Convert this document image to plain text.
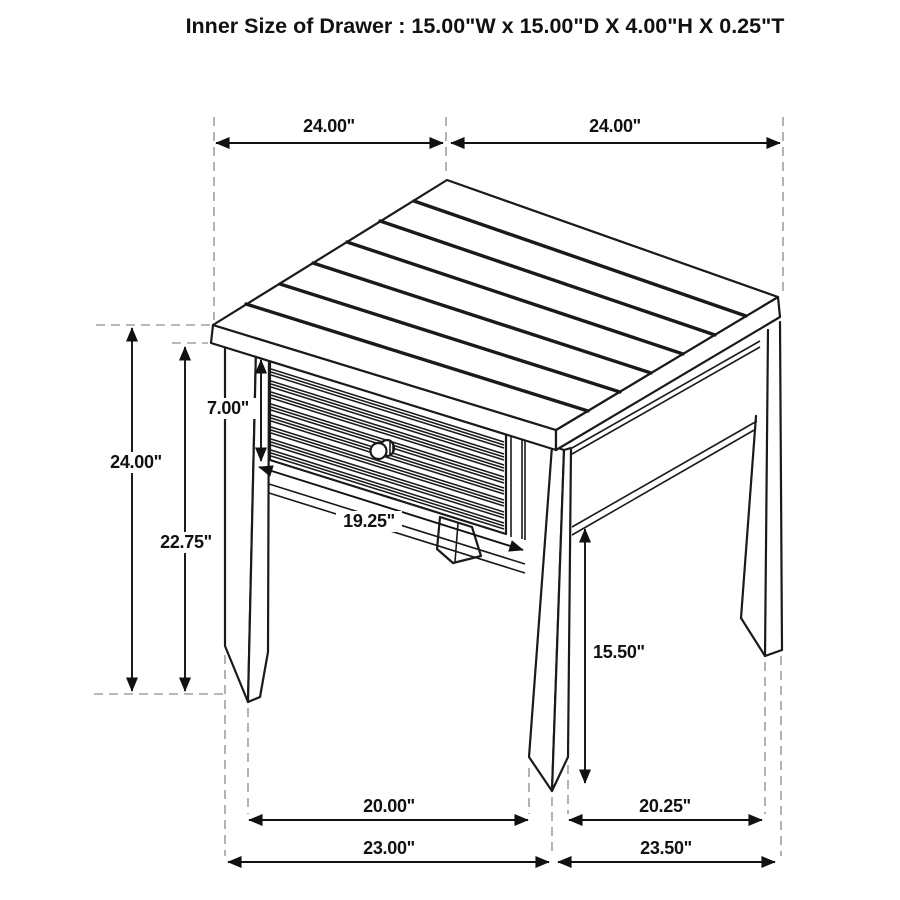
Inner Size of Drawer : 15.00"W x 15.00"D X 4.00"H X 0.25"T
24.00"	24.00"
24.00"
22.75"
7.00"
19.25"
15.50"
20.00"	20.25"
23.00"	23.50"
